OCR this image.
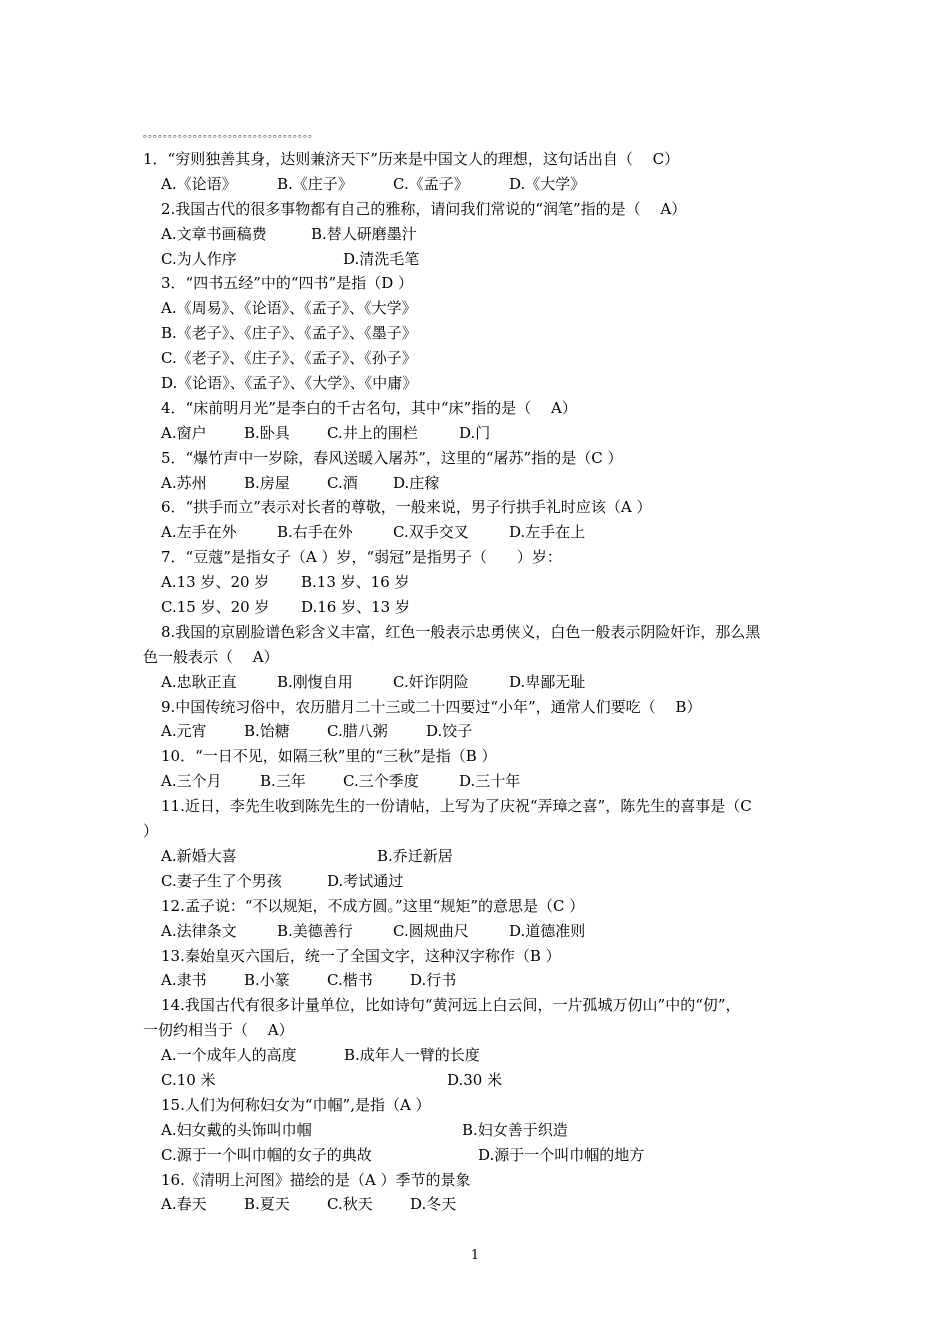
。。。。。。。。。。。。。。。。。。。。。。。。。。。。。。。。。。
1．“穷则独善其身，达则兼济天下”历来是中国文人的理想，这句话出自（　 C）
A.《论语》	B.《庄子》	C.《孟子》	D.《大学》
2.我国古代的很多事物都有自己的雅称，请问我们常说的“润笔”指的是（　 A）
A.文章书画稿费	B.替人研磨墨汁
C.为人作序	D.清洗毛笔
3．“四书五经”中的“四书”是指（D ）
A.《周易》、《论语》、《孟子》、《大学》
B.《老子》、《庄子》、《孟子》、《墨子》
C.《老子》、《庄子》、《孟子》、《孙子》
D.《论语》、《孟子》、《大学》、《中庸》
4．“床前明月光”是李白的千古名句，其中“床”指的是（　 A）
A.窗户 B.卧具 C.井上的围栏	D.门
5．“爆竹声中一岁除，春风送暖入屠苏”，这里的“屠苏”指的是（C ）
A.苏州 B.房屋 C.酒 D.庄稼
6．“拱手而立”表示对长者的尊敬，一般来说，男子行拱手礼时应该（A ）
A.左手在外	B.右手在外	C.双手交叉	D.左手在上
7．“豆蔻”是指女子（A ）岁，“弱冠”是指男子（　　）岁：
A.13 岁、20 岁 B.13 岁、16 岁
C.15 岁、20 岁 D.16 岁、13 岁
8.我国的京剧脸谱色彩含义丰富，红色一般表示忠勇侠义，白色一般表示阴险奸诈，那么黑
色一般表示（　 A）
A.忠耿正直	B.刚愎自用	C.奸诈阴险	D.卑鄙无耻
9.中国传统习俗中，农历腊月二十三或二十四要过“小年”，通常人们要吃（　 B）
A.元宵 B.饴糖 C.腊八粥	D.饺子
10．“一日不见，如隔三秋”里的“三秋”是指（B ）
A.三个月	B.三年 C.三个季度	D.三十年
11.近日，李先生收到陈先生的一份请帖，上写为了庆祝“弄璋之喜”，陈先生的喜事是（C
）
A.新婚大喜	B.乔迁新居
C.妻子生了个男孩	D.考试通过
12.孟子说：“不以规矩，不成方圆。”这里“规矩”的意思是（C ）
A.法律条文	B.美德善行	C.圆规曲尺	D.道德准则
13.秦始皇灭六国后，统一了全国文字，这种汉字称作（B ）
A.隶书 B.小篆 C.楷书 D.行书
14.我国古代有很多计量单位，比如诗句“黄河远上白云间，一片孤城万仞山”中的“仞”，
一仞约相当于（　 A）
A.一个成年人的高度	B.成年人一臂的长度
C.10 米	D.30 米
15.人们为何称妇女为“巾帼”,是指（A ）
A.妇女戴的头饰叫巾帼	B.妇女善于织造
C.源于一个叫巾帼的女子的典故	D.源于一个叫巾帼的地方
16.《清明上河图》描绘的是（A ）季节的景象
A.春天 B.夏天 C.秋天 D.冬天
1
